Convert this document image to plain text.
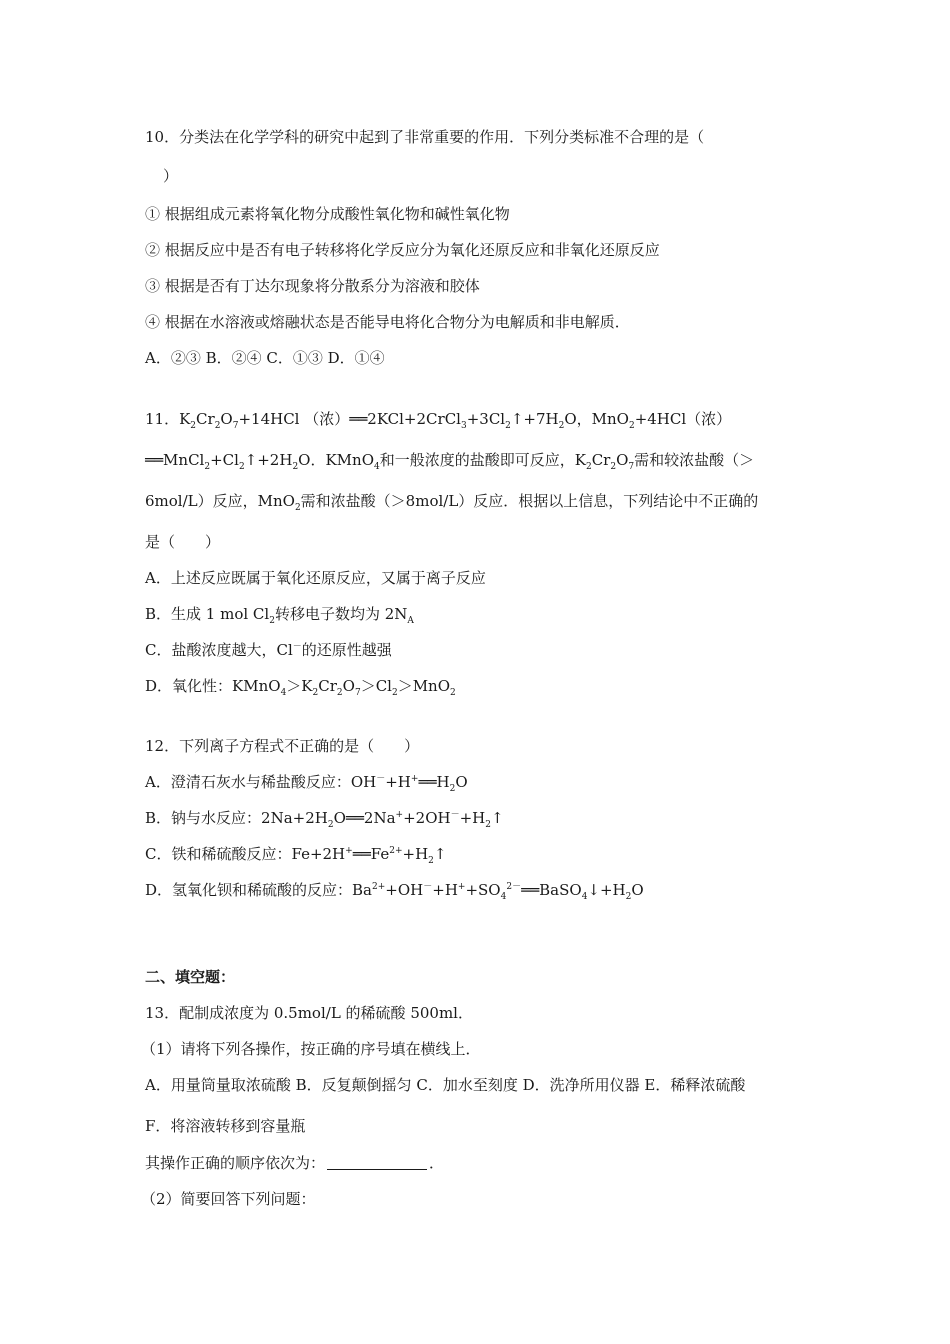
10．分类法在化学学科的研究中起到了非常重要的作用．下列分类标准不合理的是（
）
① 根据组成元素将氧化物分成酸性氧化物和碱性氧化物
② 根据反应中是否有电子转移将化学反应分为氧化还原反应和非氧化还原反应
③ 根据是否有丁达尔现象将分散系分为溶液和胶体
④ 根据在水溶液或熔融状态是否能导电将化合物分为电解质和非电解质．
A．②③ B．②④ C．①③ D．①④
11．$K_2Cr_2O_7+14HCl$ （浓）$══2KCl+2CrCl_3+3Cl_2↑+7H_2O$，MnO$_2$+4HCl（浓）
$══MnCl_2+Cl_2↑+2H_2O$．KMnO$_4$和一般浓度的盐酸即可反应，$K_2Cr_2O_7$需和较浓盐酸（＞
6mol/L）反应，MnO$_2$需和浓盐酸（＞8mol/L）反应．根据以上信息，下列结论中不正确的
是（　　）
A．上述反应既属于氧化还原反应，又属于离子反应
B．生成 1 mol $Cl_2$转移电子数均为 $2N_A$
C．盐酸浓度越大，Cl－的还原性越强
D．氧化性：$KMnO_4>K_2Cr_2O_7>Cl_2>MnO_2$
12．下列离子方程式不正确的是（　　）
A．澄清石灰水与稀盐酸反应：$OH^-+H^+══H_2O$
B．钠与水反应：$2Na+2H_2O══2Na^++2OH^-+H_2↑$
C．铁和稀硫酸反应：$Fe+2H^+══Fe^{2+}+H_2↑$
D．氢氧化钡和稀硫酸的反应：$Ba^{2+}+OH^-+H^++SO_4^{2-}══BaSO_4↓+H_2O$
二、填空题：
13．配制成浓度为 0.5mol/L 的稀硫酸 500ml．
（1）请将下列各操作，按正确的序号填在横线上．
A．用量筒量取浓硫酸 B．反复颠倒摇匀 C．加水至刻度 D．洗净所用仪器 E．稀释浓硫酸
F．将溶液转移到容量瓶
其操作正确的顺序依次为：	．
（2）简要回答下列问题：
